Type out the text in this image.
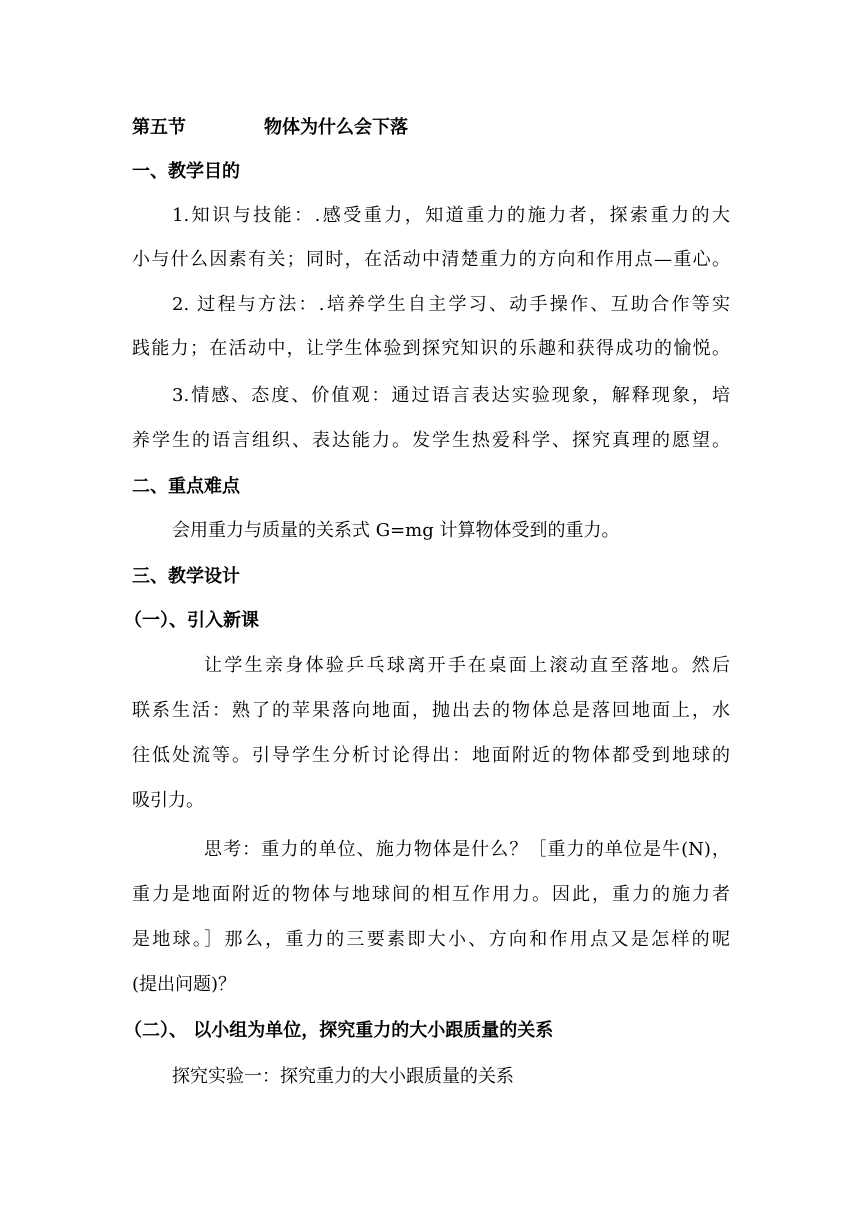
第五节	物体为什么会下落

一、教学目的

1.知识与技能：.感受重力，知道重力的施力者，探索重力的大

小与什么因素有关；同时，在活动中清楚重力的方向和作用点—重心。

2. 过程与方法：.培养学生自主学习、动手操作、互助合作等实

践能力；在活动中，让学生体验到探究知识的乐趣和获得成功的愉悦。

3.情感、态度、价值观：通过语言表达实验现象，解释现象，培

养学生的语言组织、表达能力。发学生热爱科学、探究真理的愿望。

二、重点难点

会用重力与质量的关系式 G=mg 计算物体受到的重力。

三、教学设计

（一）、引入新课

让学生亲身体验乒乓球离开手在桌面上滚动直至落地。然后

联系生活：熟了的苹果落向地面，抛出去的物体总是落回地面上，水

往低处流等。引导学生分析讨论得出：地面附近的物体都受到地球的

吸引力。

思考：重力的单位、施力物体是什么？［重力的单位是牛(N)，

重力是地面附近的物体与地球间的相互作用力。因此，重力的施力者

是地球。］那么，重力的三要素即大小、方向和作用点又是怎样的呢

(提出问题)？

（二）、 以小组为单位，探究重力的大小跟质量的关系

探究实验一：探究重力的大小跟质量的关系
